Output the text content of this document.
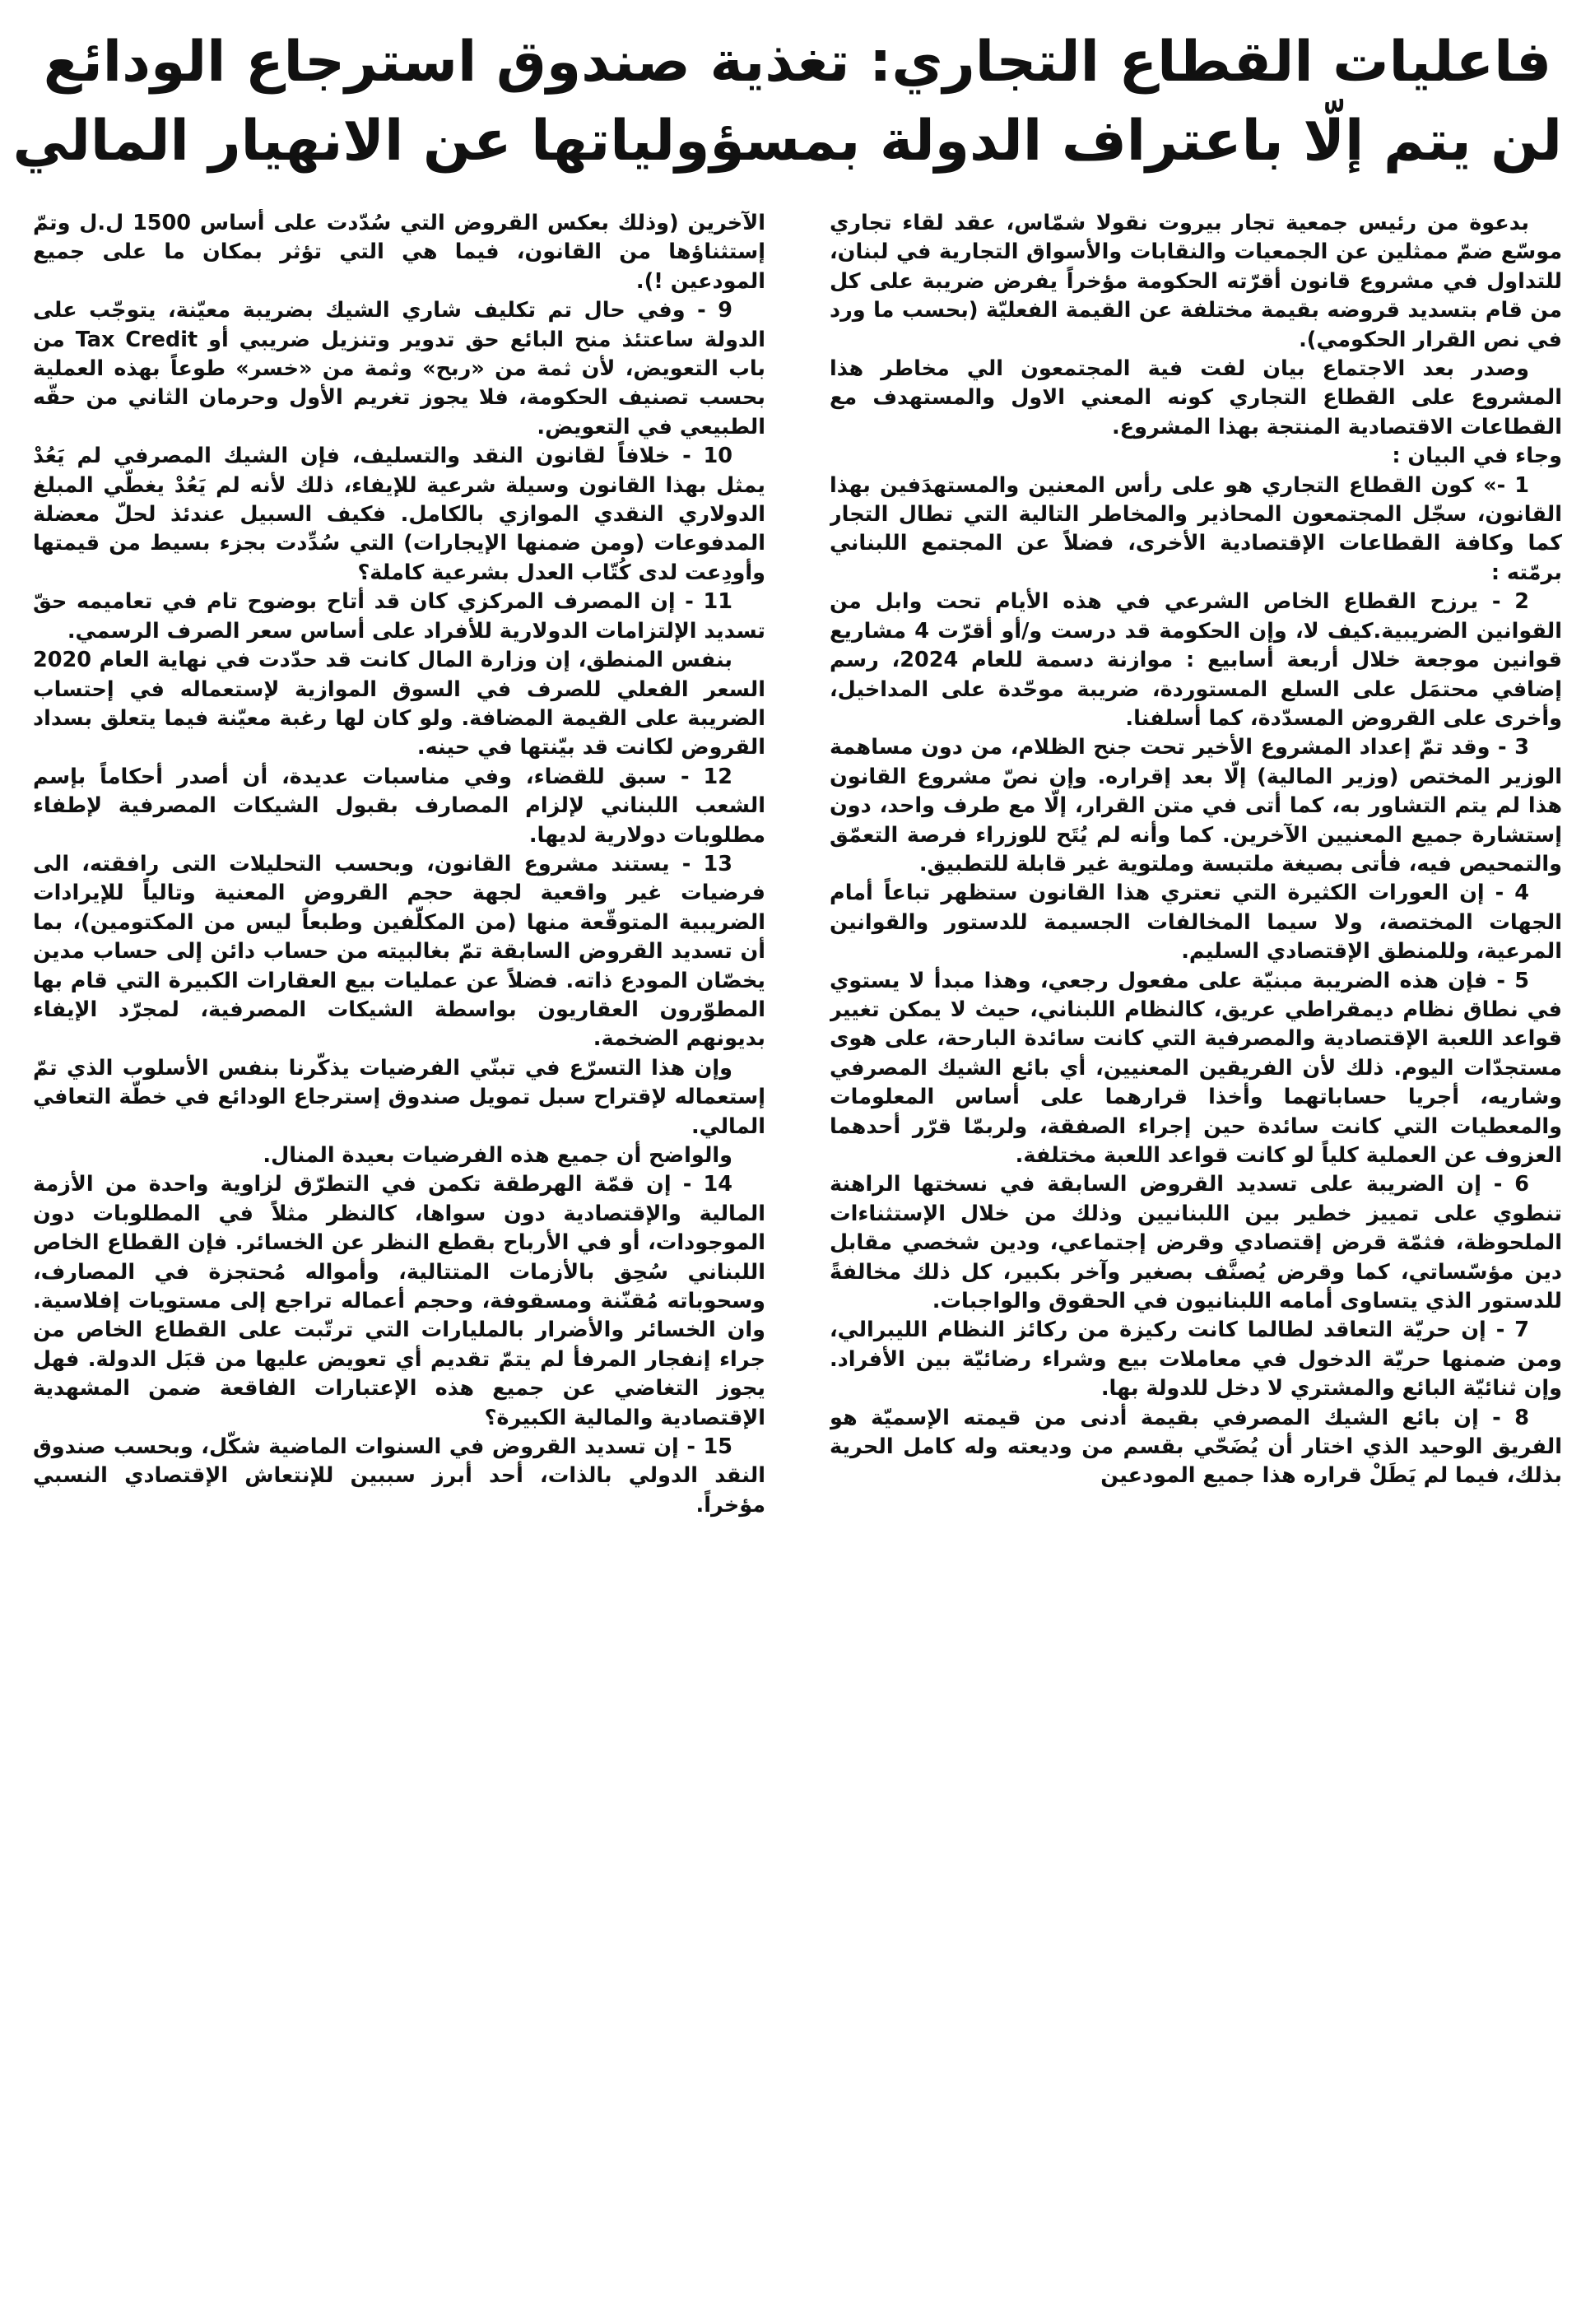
فاعليات القطاع التجاري: تغذية صندوق استرجاع الودائع
لن يتم إلّا باعتراف الدولة بمسؤولياتها عن الانهيار المالي

بدعوة من رئيس جمعية تجار بيروت نقولا شمّاس، عقد لقاء تجاري موسّع ضمّ ممثلين عن الجمعيات والنقابات والأسواق التجارية في لبنان، للتداول في مشروع قانون أقرّته الحكومة مؤخراً يفرض ضريبة على كل من قام بتسديد قروضه بقيمة مختلفة عن القيمة الفعليّة (بحسب ما ورد في نص القرار الحكومي).

وصدر بعد الاجتماع بيان لفت فية المجتمعون الي مخاطر هذا المشروع على القطاع التجاري كونه المعني الاول والمستهدف مع القطاعات الاقتصادية المنتجة بهذا المشروع.

وجاء في البيان :

1 -» كون القطاع التجاري هو على رأس المعنين والمستهدَفين بهذا القانون، سجّل المجتمعون المحاذير والمخاطر التالية التي تطال التجار كما وكافة القطاعات الإقتصادية الأخرى، فضلاً عن المجتمع اللبناني برمّته :

2 - يرزح القطاع الخاص الشرعي في هذه الأيام تحت وابل من القوانين الضريبية.كيف لا، وإن الحكومة قد درست و/أو أقرّت 4 مشاريع قوانين موجعة خلال أربعة أسابيع : موازنة دسمة للعام 2024، رسم إضافي محتمَل على السلع المستوردة، ضريبة موحّدة على المداخيل، وأخرى على القروض المسدّدة، كما أسلفنا.

3 - وقد تمّ إعداد المشروع الأخير تحت جنح الظلام، من دون مساهمة الوزير المختص (وزير المالية) إلّا بعد إقراره. وإن نصّ مشروع القانون هذا لم يتم التشاور به، كما أتى في متن القرار، إلّا مع طرف واحد، دون إستشارة جميع المعنيين الآخرين. كما وأنه لم يُتَح للوزراء فرصة التعمّق والتمحيص فيه، فأتى بصيغة ملتبسة وملتوية غير قابلة للتطبيق.

4 - إن العورات الكثيرة التي تعتري هذا القانون ستظهر تباعاً أمام الجهات المختصة، ولا سيما المخالفات الجسيمة للدستور والقوانين المرعية، وللمنطق الإقتصادي السليم.

5 - فإن هذه الضريبة مبنيّة على مفعول رجعي، وهذا مبدأ لا يستوي في نطاق نظام ديمقراطي عريق، كالنظام اللبناني، حيث لا يمكن تغيير قواعد اللعبة الإقتصادية والمصرفية التي كانت سائدة البارحة، على هوى مستجدّات اليوم. ذلك لأن الفريقين المعنيين، أي بائع الشيك المصرفي وشاريه، أجريا حساباتهما وأخذا قرارهما على أساس المعلومات والمعطيات التي كانت سائدة حين إجراء الصفقة، ولربمّا قرّر أحدهما العزوف عن العملية كلياً لو كانت قواعد اللعبة مختلفة.

6 - إن الضريبة على تسديد القروض السابقة في نسختها الراهنة تنطوي على تمييز خطير بين اللبنانيين وذلك من خلال الإستثناءات الملحوظة، فثمّة قرض إقتصادي وقرض إجتماعي، ودين شخصي مقابل دين مؤسّساتي، كما وقرض يُصنَّف بصغير وآخر بكبير، كل ذلك مخالفةً للدستور الذي يتساوى أمامه اللبنانيون في الحقوق والواجبات.

7 - إن حريّة التعاقد لطالما كانت ركيزة من ركائز النظام الليبرالي، ومن ضمنها حريّة الدخول في معاملات بيع وشراء رضائيّة بين الأفراد. وإن ثنائيّة البائع والمشتري لا دخل للدولة بها.

8 - إن بائع الشيك المصرفي بقيمة أدنى من قيمته الإسميّة هو الفريق الوحيد الذي اختار أن يُضَحّي بقسم من وديعته وله كامل الحرية بذلك، فيما لم يَطَلْ قراره هذا جميع المودعين

الآخرين (وذلك بعكس القروض التي سُدّدت على أساس 1500 ل.ل وتمّ إستثناؤها من القانون، فيما هي التي تؤثر بمكان ما على جميع المودعين !).

9 - وفي حال تم تكليف شاري الشيك بضريبة معيّنة، يتوجّب على الدولة ساعتئذ منح البائع حق تدوير وتنزيل ضريبي أو Tax Credit من باب التعويض، لأن ثمة من «ربح» وثمة من «خسر» طوعاً بهذه العملية بحسب تصنيف الحكومة، فلا يجوز تغريم الأول وحرمان الثاني من حقّه الطبيعي في التعويض.

10 - خلافاً لقانون النقد والتسليف، فإن الشيك المصرفي لم يَعُدْ يمثل بهذا القانون وسيلة شرعية للإيفاء، ذلك لأنه لم يَعُدْ يغطّي المبلغ الدولاري النقدي الموازي بالكامل. فكيف السبيل عندئذ لحلّ معضلة المدفوعات (ومن ضمنها الإيجارات) التي سُدِّدت بجزء بسيط من قيمتها وأودِعت لدى كُتّاب العدل بشرعية كاملة؟

11 - إن المصرف المركزي كان قد أتاح بوضوح تام في تعاميمه حقّ تسديد الإلتزامات الدولارية للأفراد على أساس سعر الصرف الرسمي.

بنفس المنطق، إن وزارة المال كانت قد حدّدت في نهاية العام 2020 السعر الفعلي للصرف في السوق الموازية لإستعماله في إحتساب الضريبة على القيمة المضافة. ولو كان لها رغبة معيّنة فيما يتعلق بسداد القروض لكانت قد بيّنتها في حينه.

12 - سبق للقضاء، وفي مناسبات عديدة، أن أصدر أحكاماً بإسم الشعب اللبناني لإلزام المصارف بقبول الشيكات المصرفية لإطفاء مطلوبات دولارية لديها.

13 - يستند مشروع القانون، وبحسب التحليلات التى رافقته، الى فرضيات غير واقعية لجهة حجم القروض المعنية وتالياً للإيرادات الضريبية المتوقّعة منها (من المكلّفين وطبعاً ليس من المكتومين)، بما أن تسديد القروض السابقة تمّ بغالبيته من حساب دائن إلى حساب مدين يخصّان المودع ذاته. فضلاً عن عمليات بيع العقارات الكبيرة التي قام بها المطوّرون العقاريون بواسطة الشيكات المصرفية، لمجرّد الإيفاء بديونهم الضخمة.

وإن هذا التسرّع في تبنّي الفرضيات يذكّرنا بنفس الأسلوب الذي تمّ إستعماله لإقتراح سبل تمويل صندوق إسترجاع الودائع في خطّة التعافي المالي.

والواضح أن جميع هذه الفرضيات بعيدة المنال.

14 - إن قمّة الهرطقة تكمن في التطرّق لزاوية واحدة من الأزمة المالية والإقتصادية دون سواها، كالنظر مثلاً في المطلوبات دون الموجودات، أو في الأرباح بقطع النظر عن الخسائر. فإن القطاع الخاص اللبناني سُحِق بالأزمات المتتالية، وأمواله مُحتجزة في المصارف، وسحوباته مُقنّنة ومسقوفة، وحجم أعماله تراجع إلى مستويات إفلاسية. وان الخسائر والأضرار بالمليارات التي ترتّبت على القطاع الخاص من جراء إنفجار المرفأ لم يتمّ تقديم أي تعويض عليها من قبَل الدولة. فهل يجوز التغاضي عن جميع هذه الإعتبارات الفاقعة ضمن المشهدية الإقتصادية والمالية الكبيرة؟

15 - إن تسديد القروض في السنوات الماضية شكّل، وبحسب صندوق النقد الدولي بالذات، أحد أبرز سببين للإنتعاش الإقتصادي النسبي مؤخراً.
